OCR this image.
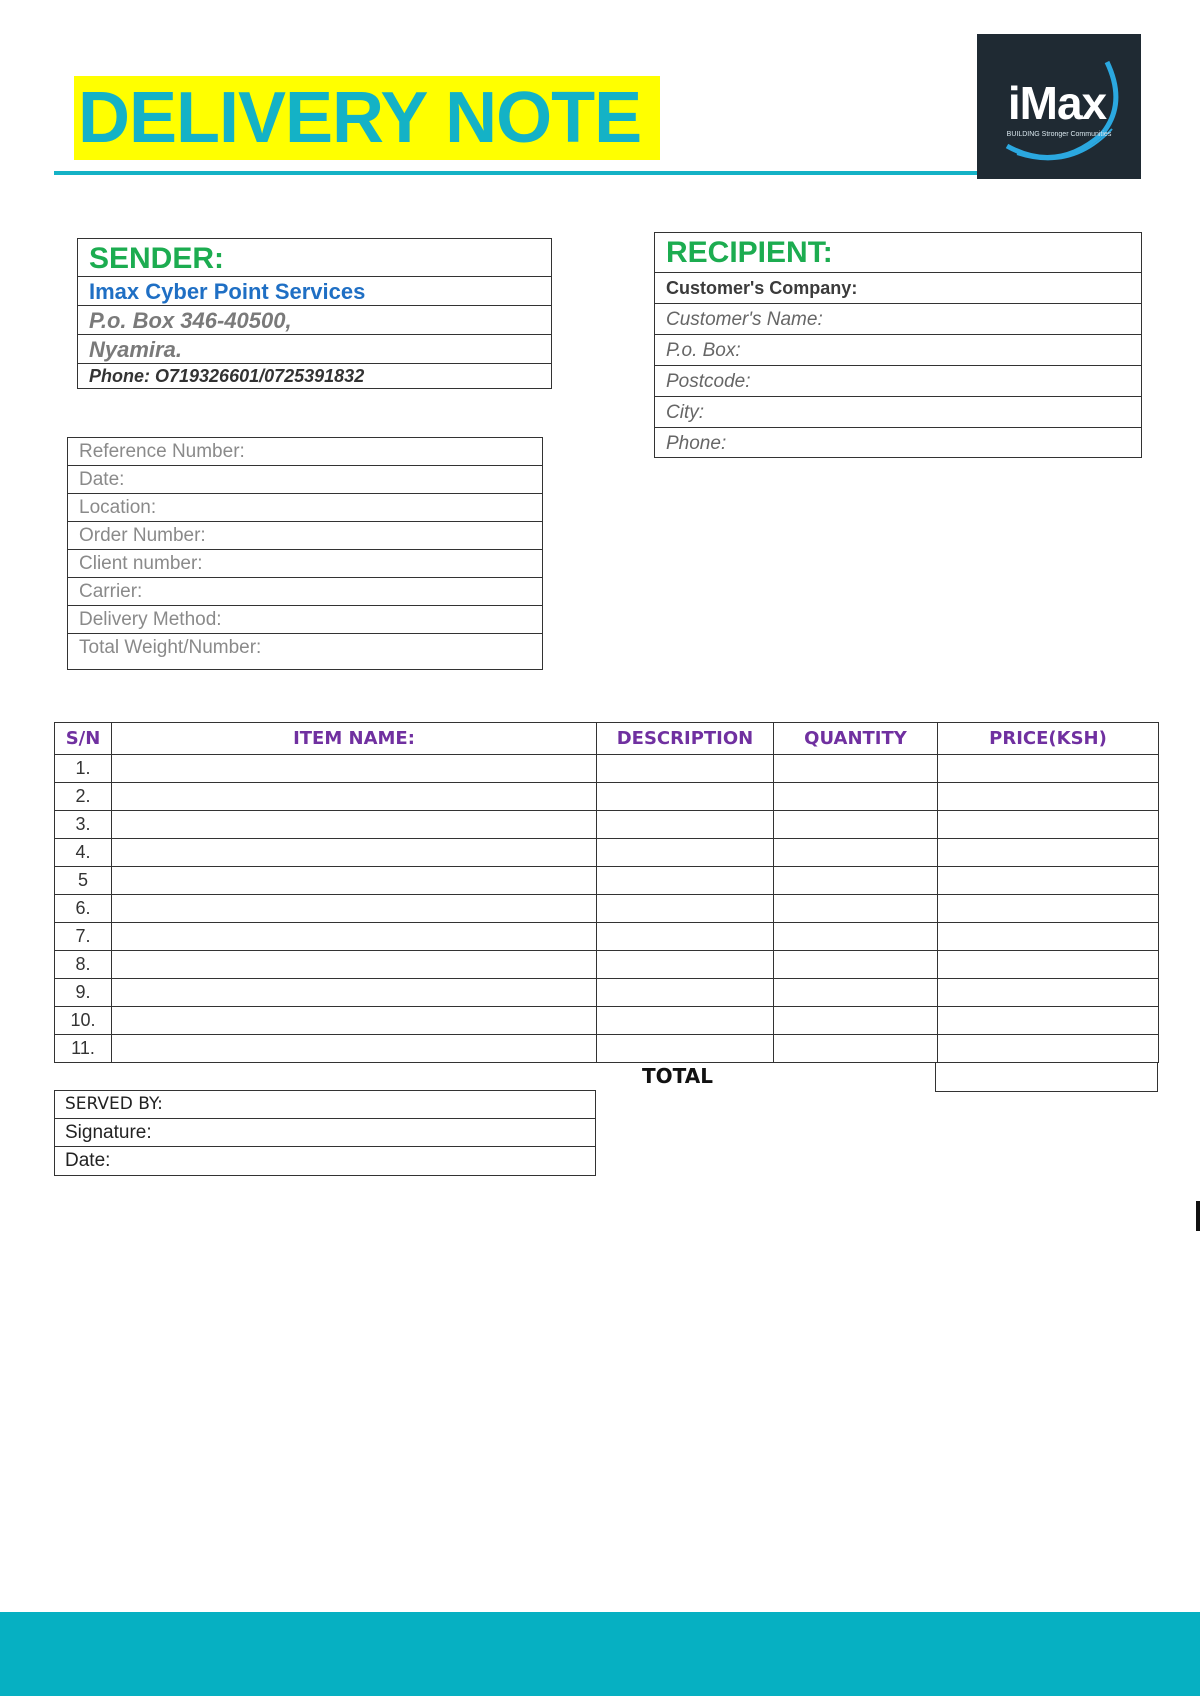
DELIVERY NOTE	iMax
BUILDING Stronger Communities
SENDER:
Imax Cyber Point Services
P.o. Box 346-40500,
Nyamira.
Phone: O719326601/0725391832
RECIPIENT:
Customer's Company:
Customer's Name:
P.o. Box:
Postcode:
City:
Phone:
Reference Number:
Date:
Location:
Order Number:
Client number:
Carrier:
Delivery Method:
Total Weight/Number:
S/N	ITEM NAME:	DESCRIPTION	QUANTITY	PRICE(KSH)
1.				
2.				
3.				
4.				
5				
6.				
7.				
8.				
9.				
10.				
11.				
TOTAL
SERVED BY:
Signature:
Date:
